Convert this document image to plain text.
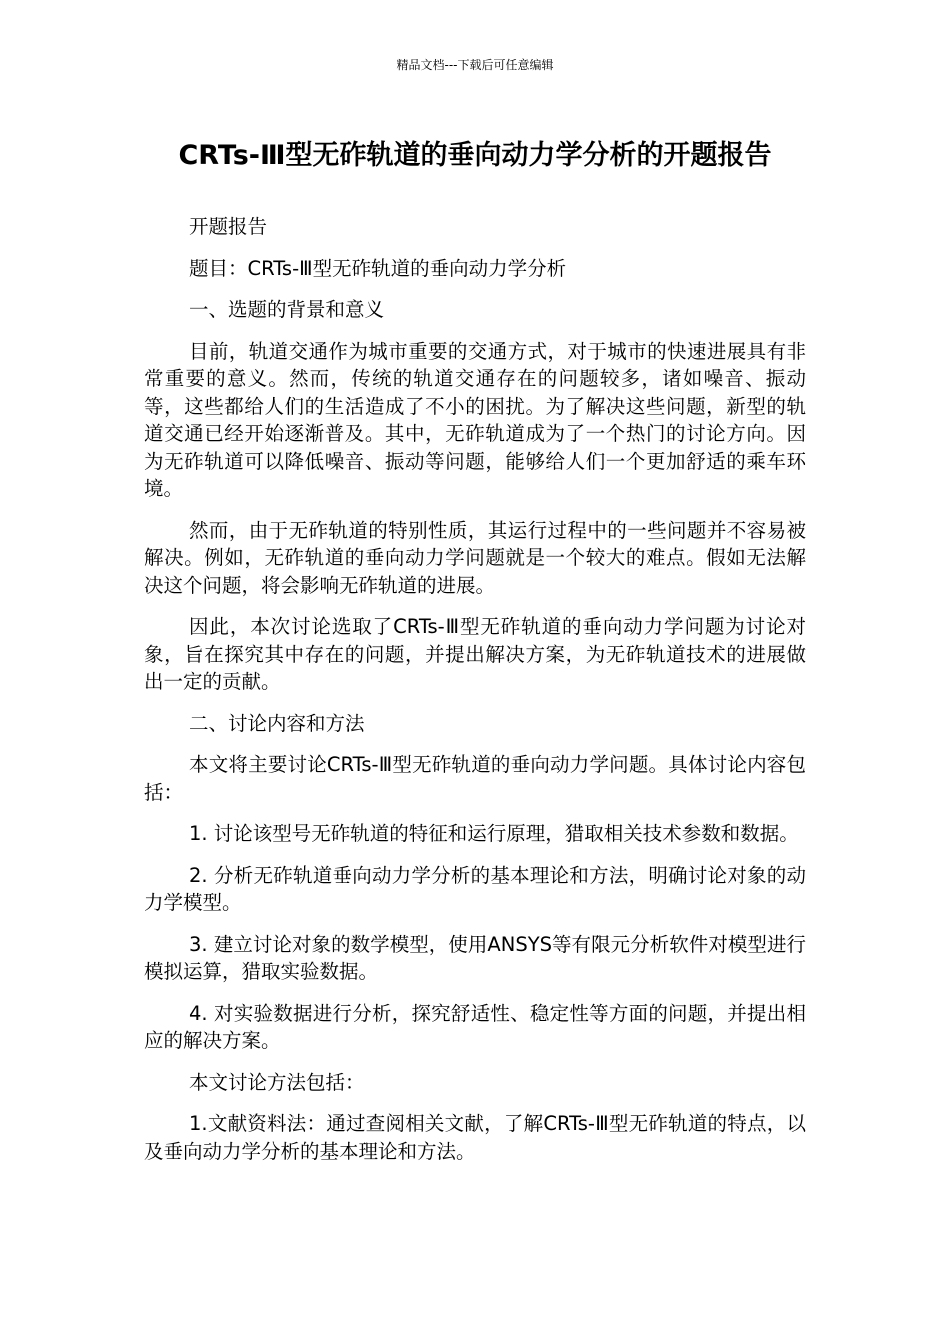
精品文档---下载后可任意编辑
CRTs-Ⅲ型无砟轨道的垂向动力学分析的开题报告

开题报告

题目：CRTs-Ⅲ型无砟轨道的垂向动力学分析

一、选题的背景和意义

目前，轨道交通作为城市重要的交通方式，对于城市的快速进展具有非常重要的意义。然而，传统的轨道交通存在的问题较多，诸如噪音、振动等，这些都给人们的生活造成了不小的困扰。为了解决这些问题，新型的轨道交通已经开始逐渐普及。其中，无砟轨道成为了一个热门的讨论方向。因为无砟轨道可以降低噪音、振动等问题，能够给人们一个更加舒适的乘车环境。

然而，由于无砟轨道的特别性质，其运行过程中的一些问题并不容易被解决。例如，无砟轨道的垂向动力学问题就是一个较大的难点。假如无法解决这个问题，将会影响无砟轨道的进展。

因此，本次讨论选取了CRTs-Ⅲ型无砟轨道的垂向动力学问题为讨论对象，旨在探究其中存在的问题，并提出解决方案，为无砟轨道技术的进展做出一定的贡献。

二、讨论内容和方法

本文将主要讨论CRTs-Ⅲ型无砟轨道的垂向动力学问题。具体讨论内容包括：

1. 讨论该型号无砟轨道的特征和运行原理，猎取相关技术参数和数据。

2. 分析无砟轨道垂向动力学分析的基本理论和方法，明确讨论对象的动力学模型。

3. 建立讨论对象的数学模型，使用ANSYS等有限元分析软件对模型进行模拟运算，猎取实验数据。

4. 对实验数据进行分析，探究舒适性、稳定性等方面的问题，并提出相应的解决方案。

本文讨论方法包括：

1.文献资料法：通过查阅相关文献，了解CRTs-Ⅲ型无砟轨道的特点，以及垂向动力学分析的基本理论和方法。
